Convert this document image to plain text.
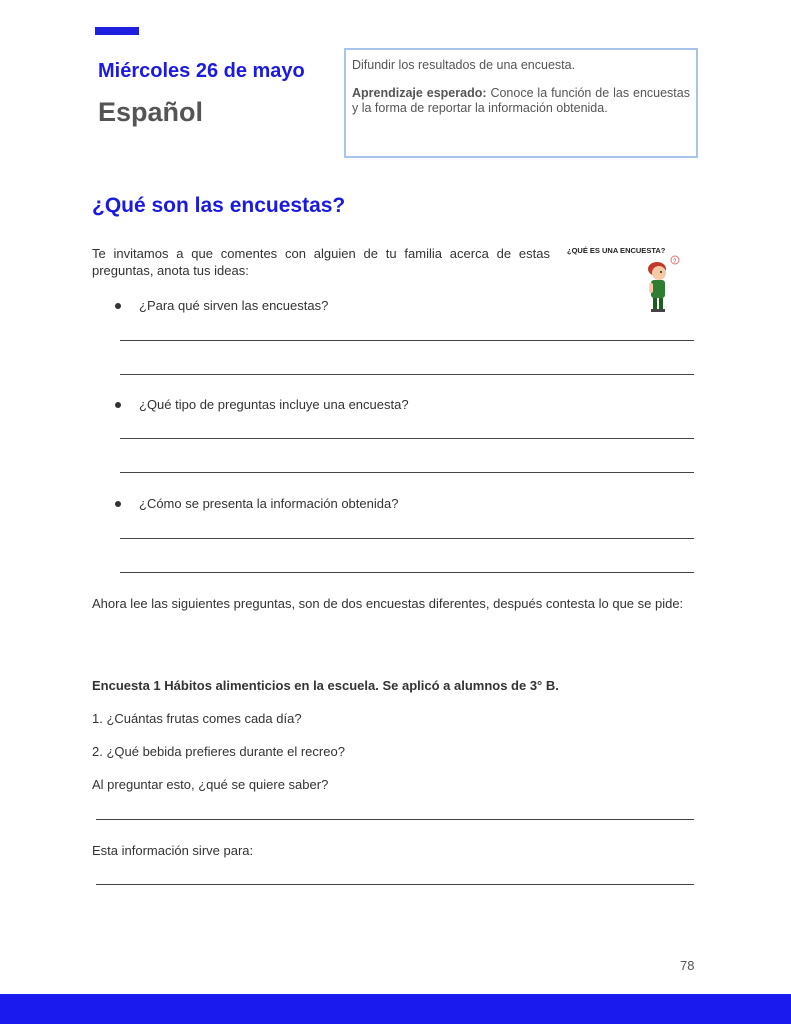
Miércoles 26 de mayo
Español

Difundir los resultados de una encuesta.

Aprendizaje esperado: Conoce la función de las encuestas y la forma de reportar la información obtenida.

¿Qué son las encuestas?
Te invitamos a que comentes con alguien de tu familia acerca de estas preguntas, anota tus ideas:
¿QUÉ ES UNA ENCUESTA?
?
¿Para qué sirven las encuestas?
¿Qué tipo de preguntas incluye una encuesta?
¿Cómo se presenta la información obtenida?
Ahora lee las siguientes preguntas, son de dos encuestas diferentes, después contesta lo que se pide:
Encuesta 1 Hábitos alimenticios en la escuela. Se aplicó a alumnos de 3° B.
1. ¿Cuántas frutas comes cada día?
2. ¿Qué bebida prefieres durante el recreo?
Al preguntar esto, ¿qué se quiere saber?
Esta información sirve para:
78
